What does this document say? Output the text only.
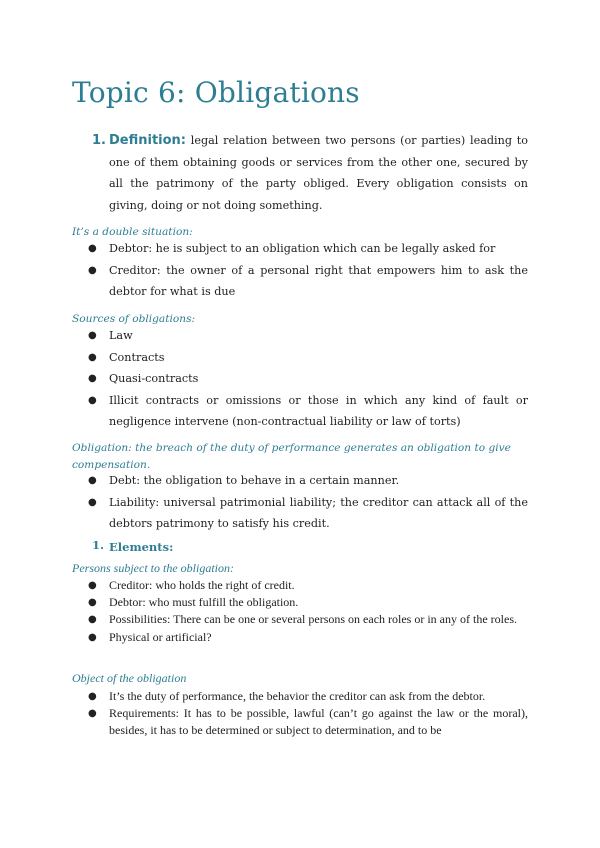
Topic 6: Obligations
1. Definition: legal relation between two persons (or parties) leading to one of them obtaining goods or services from the other one, secured by all the patrimony of the party obliged. Every obligation consists on giving, doing or not doing something.
It’s a double situation:
● Debtor: he is subject to an obligation which can be legally asked for
● Creditor: the owner of a personal right that empowers him to ask the debtor for what is due
Sources of obligations:
● Law
● Contracts
● Quasi-contracts
● Illicit contracts or omissions or those in which any kind of fault or negligence intervene (non-contractual liability or law of torts)
Obligation: the breach of the duty of performance generates an obligation to give compensation.
● Debt: the obligation to behave in a certain manner.
● Liability: universal patrimonial liability; the creditor can attack all of the debtors patrimony to satisfy his credit.
1. Elements:
Persons subject to the obligation:
● Creditor: who holds the right of credit.
● Debtor: who must fulfill the obligation.
● Possibilities: There can be one or several persons on each roles or in any of the roles.
● Physical or artificial?
Object of the obligation
● It’s the duty of performance, the behavior the creditor can ask from the debtor.
● Requirements: It has to be possible, lawful (can’t go against the law or the moral), besides, it has to be determined or subject to determination, and to be
